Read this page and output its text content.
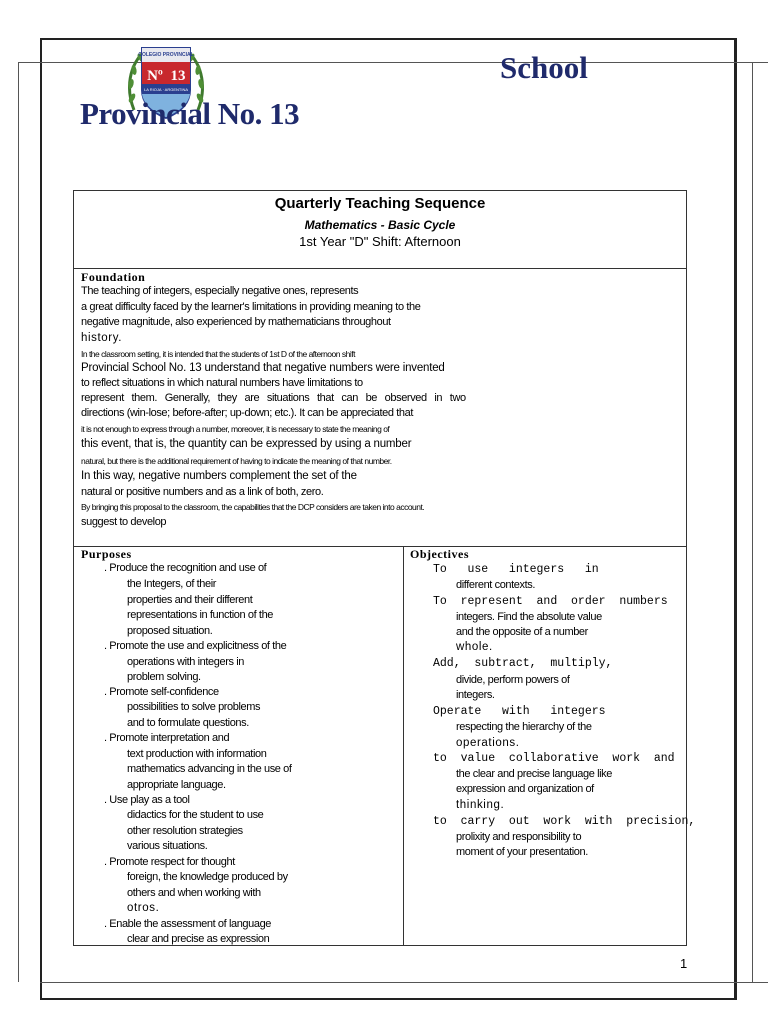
COLEGIO PROVINCIAL
Nº 13
LA RIOJA · ARGENTINA
School
Provincial No. 13
Quarterly Teaching Sequence
Mathematics - Basic Cycle
1st Year "D" Shift: Afternoon
Foundation
The teaching of integers, especially negative ones, represents
a great difficulty faced by the learner's limitations in providing meaning to the
negative magnitude, also experienced by mathematicians throughout
history.
In the classroom setting, it is intended that the students of 1st D of the afternoon shift
Provincial School No. 13 understand that negative numbers were invented
to reflect situations in which natural numbers have limitations to
represent them. Generally, they are situations that can be observed in two
directions (win-lose; before-after; up-down; etc.). It can be appreciated that
it is not enough to express through a number, moreover, it is necessary to state the meaning of
this event, that is, the quantity can be expressed by using a number
natural, but there is the additional requirement of having to indicate the meaning of that number.
In this way, negative numbers complement the set of the
natural or positive numbers and as a link of both, zero.
By bringing this proposal to the classroom, the capabilities that the DCP considers are taken into account.
suggest to develop
Purposes
. Produce the recognition and use of
the Integers, of their
properties and their different
representations in function of the
proposed situation.
. Promote the use and explicitness of the
operations with integers in
problem solving.
. Promote self-confidence
possibilities to solve problems
and to formulate questions.
. Promote interpretation and
text production with information
mathematics advancing in the use of
appropriate language.
. Use play as a tool
didactics for the student to use
other resolution strategies
various situations.
. Promote respect for thought
foreign, the knowledge produced by
others and when working with
otros.
. Enable the assessment of language
clear and precise as expression
Objectives
To   use   integers   in
different contexts.
To  represent  and  order  numbers
integers. Find the absolute value
and the opposite of a number
whole.
Add,  subtract,  multiply,
divide, perform powers of
integers.
Operate   with   integers
respecting the hierarchy of the
operations.
to  value  collaborative  work  and
the clear and precise language like
expression and organization of
thinking.
to  carry  out  work  with  precision,
prolixity and responsibility to
moment of your presentation.
1
